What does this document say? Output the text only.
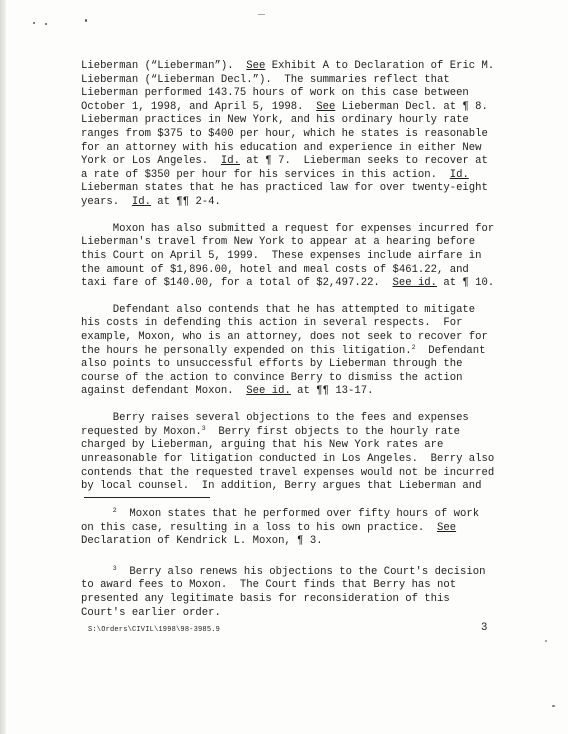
Lieberman (“Lieberman”).  See Exhibit A to Declaration of Eric M.
Lieberman (“Lieberman Decl.”).  The summaries reflect that
Lieberman performed 143.75 hours of work on this case between
October 1, 1998, and April 5, 1998.  See Lieberman Decl. at ¶ 8.
Lieberman practices in New York, and his ordinary hourly rate
ranges from $375 to $400 per hour, which he states is reasonable
for an attorney with his education and experience in either New
York or Los Angeles.  Id. at ¶ 7.  Lieberman seeks to recover at
a rate of $350 per hour for his services in this action.  Id.
Lieberman states that he has practiced law for over twenty-eight
years.  Id. at ¶¶ 2-4.
Moxon has also submitted a request for expenses incurred for
Lieberman's travel from New York to appear at a hearing before
this Court on April 5, 1999.  These expenses include airfare in
the amount of $1,896.00, hotel and meal costs of $461.22, and
taxi fare of $140.00, for a total of $2,497.22.  See id. at ¶ 10.
Defendant also contends that he has attempted to mitigate
his costs in defending this action in several respects.  For
example, Moxon, who is an attorney, does not seek to recover for
the hours he personally expended on this litigation.$^2$  Defendant
also points to unsuccessful efforts by Lieberman through the
course of the action to convince Berry to dismiss the action
against defendant Moxon.  See id. at ¶¶ 13-17.
Berry raises several objections to the fees and expenses
requested by Moxon.$^3$  Berry first objects to the hourly rate
charged by Lieberman, arguing that his New York rates are
unreasonable for litigation conducted in Los Angeles.  Berry also
contends that the requested travel expenses would not be incurred
by local counsel.  In addition, Berry argues that Lieberman and
$^2$  Moxon states that he performed over fifty hours of work
on this case, resulting in a loss to his own practice.  See
Declaration of Kendrick L. Moxon, ¶ 3.
$^3$  Berry also renews his objections to the Court's decision
to award fees to Moxon.  The Court finds that Berry has not
presented any legitimate basis for reconsideration of this
Court's earlier order.
S:\Orders\CIVIL\1998\98-3985.9	3
